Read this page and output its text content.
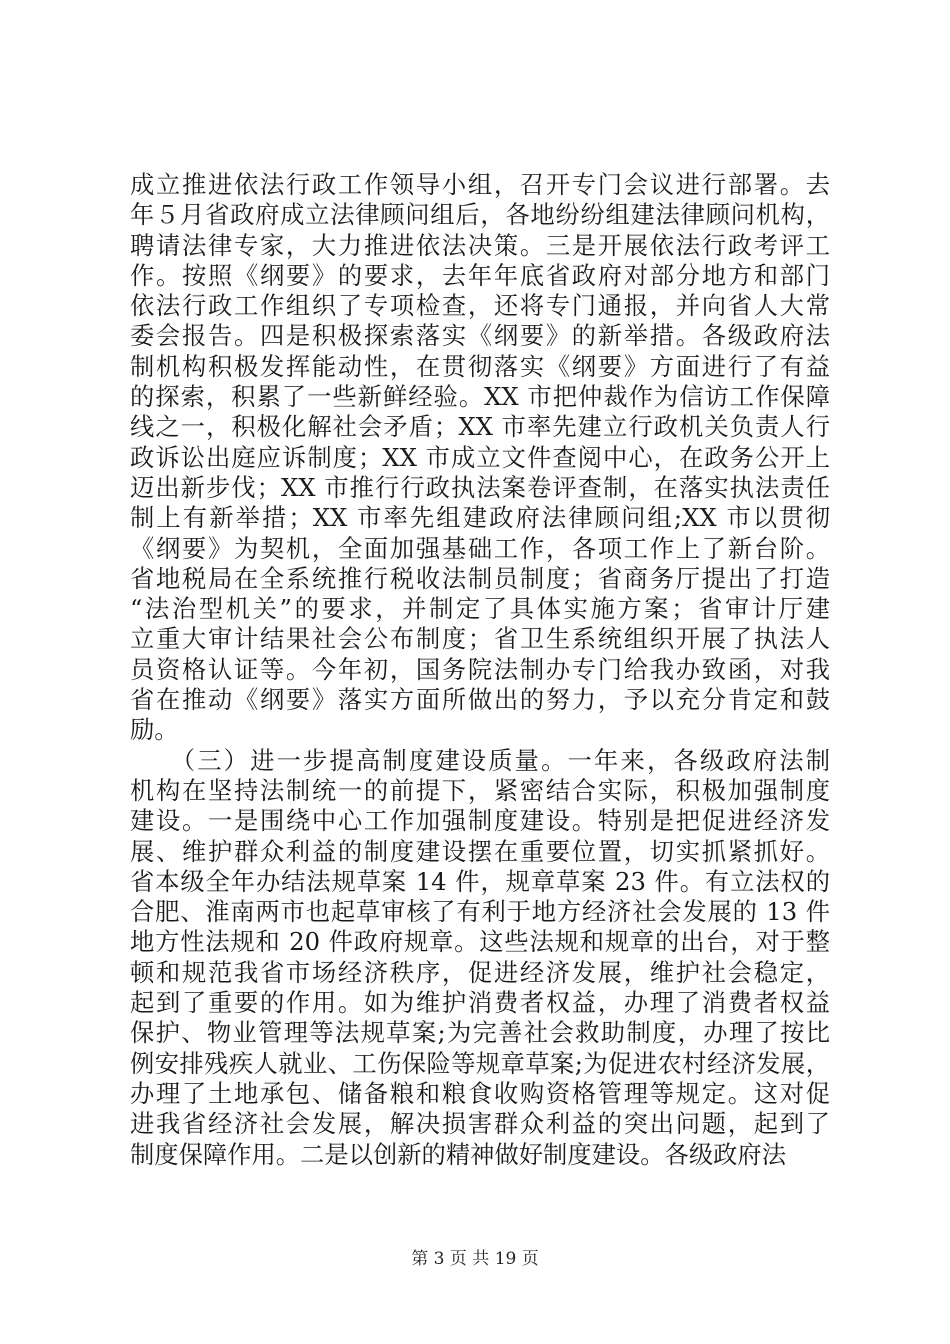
成立推进依法行政工作领导小组，召开专门会议进行部署。去
年５月省政府成立法律顾问组后，各地纷纷组建法律顾问机构，
聘请法律专家，大力推进依法决策。三是开展依法行政考评工
作。按照《纲要》的要求，去年年底省政府对部分地方和部门
依法行政工作组织了专项检查，还将专门通报，并向省人大常
委会报告。四是积极探索落实《纲要》的新举措。各级政府法
制机构积极发挥能动性，在贯彻落实《纲要》方面进行了有益
的探索，积累了一些新鲜经验。XX 市把仲裁作为信访工作保障
线之一，积极化解社会矛盾；XX 市率先建立行政机关负责人行
政诉讼出庭应诉制度；XX 市成立文件查阅中心，在政务公开上
迈出新步伐；XX 市推行行政执法案卷评查制，在落实执法责任
制上有新举措；XX 市率先组建政府法律顾问组;XX 市以贯彻
《纲要》为契机，全面加强基础工作，各项工作上了新台阶。
省地税局在全系统推行税收法制员制度；省商务厅提出了打造
“法治型机关”的要求，并制定了具体实施方案；省审计厅建
立重大审计结果社会公布制度；省卫生系统组织开展了执法人
员资格认证等。今年初，国务院法制办专门给我办致函，对我
省在推动《纲要》落实方面所做出的努力，予以充分肯定和鼓
励。
　　（三）进一步提高制度建设质量。一年来，各级政府法制
机构在坚持法制统一的前提下，紧密结合实际，积极加强制度
建设。一是围绕中心工作加强制度建设。特别是把促进经济发
展、维护群众利益的制度建设摆在重要位置，切实抓紧抓好。
省本级全年办结法规草案 14 件，规章草案 23 件。有立法权的
合肥、淮南两市也起草审核了有利于地方经济社会发展的 13 件
地方性法规和 20 件政府规章。这些法规和规章的出台，对于整
顿和规范我省市场经济秩序，促进经济发展，维护社会稳定，
起到了重要的作用。如为维护消费者权益，办理了消费者权益
保护、物业管理等法规草案;为完善社会救助制度，办理了按比
例安排残疾人就业、工伤保险等规章草案;为促进农村经济发展，
办理了土地承包、储备粮和粮食收购资格管理等规定。这对促
进我省经济社会发展，解决损害群众利益的突出问题，起到了
制度保障作用。二是以创新的精神做好制度建设。各级政府法
第 3 页 共 19 页
